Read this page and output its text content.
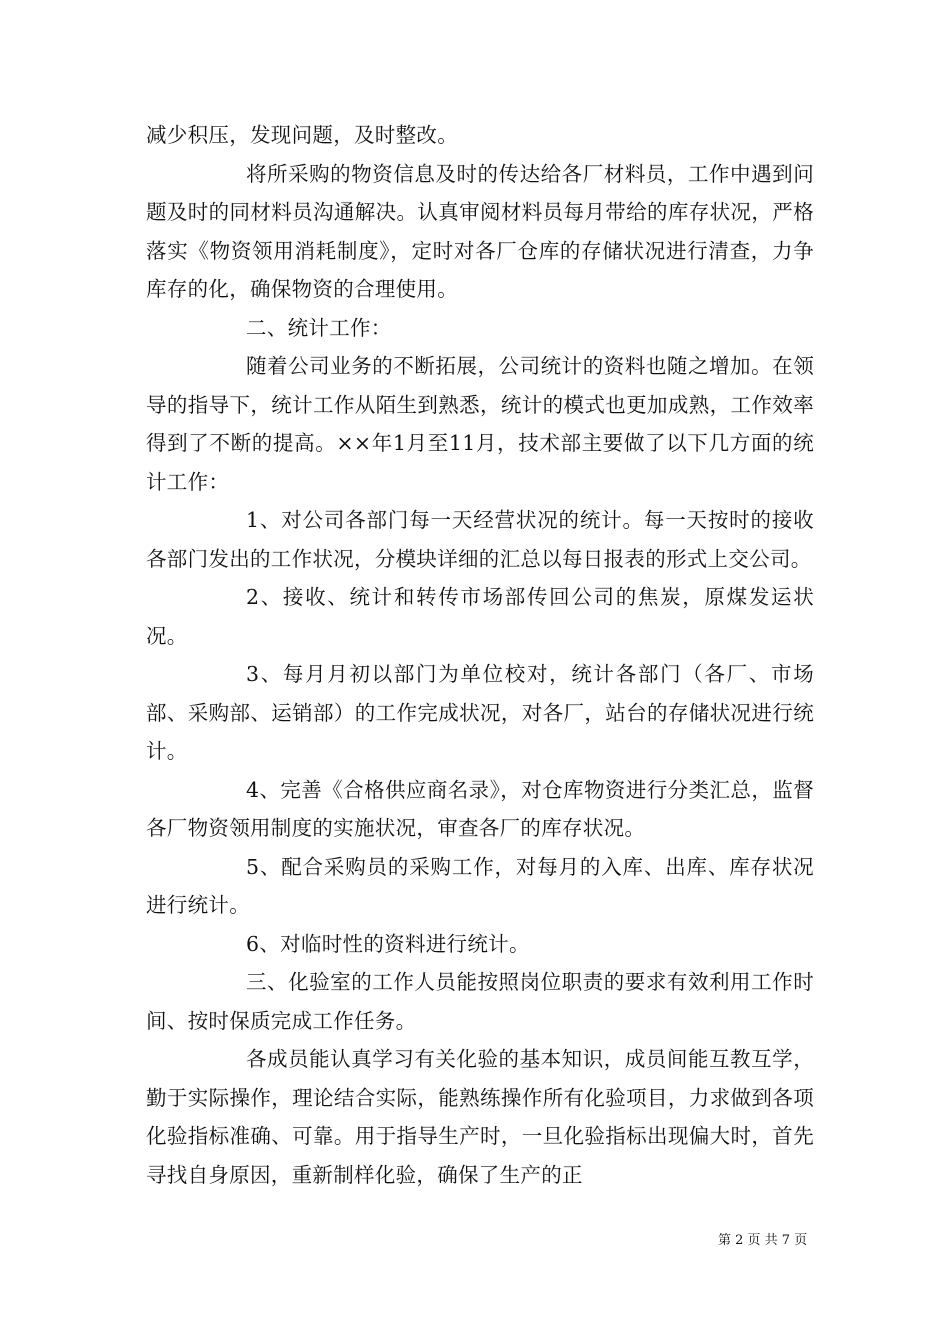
减少积压，发现问题，及时整改。

将所采购的物资信息及时的传达给各厂材料员，工作中遇到问题及时的同材料员沟通解决。认真审阅材料员每月带给的库存状况，严格落实《物资领用消耗制度》，定时对各厂仓库的存储状况进行清查，力争库存的化，确保物资的合理使用。

二、统计工作：

随着公司业务的不断拓展，公司统计的资料也随之增加。在领导的指导下，统计工作从陌生到熟悉，统计的模式也更加成熟，工作效率得到了不断的提高。××年1月至11月，技术部主要做了以下几方面的统计工作：

1、对公司各部门每一天经营状况的统计。每一天按时的接收各部门发出的工作状况，分模块详细的汇总以每日报表的形式上交公司。

2、接收、统计和转传市场部传回公司的焦炭，原煤发运状况。

3、每月月初以部门为单位校对，统计各部门（各厂、市场部、采购部、运销部）的工作完成状况，对各厂，站台的存储状况进行统计。

4、完善《合格供应商名录》，对仓库物资进行分类汇总，监督各厂物资领用制度的实施状况，审查各厂的库存状况。

5、配合采购员的采购工作，对每月的入库、出库、库存状况进行统计。

6、对临时性的资料进行统计。

三、化验室的工作人员能按照岗位职责的要求有效利用工作时间、按时保质完成工作任务。

各成员能认真学习有关化验的基本知识，成员间能互教互学，勤于实际操作，理论结合实际，能熟练操作所有化验项目，力求做到各项化验指标准确、可靠。用于指导生产时，一旦化验指标出现偏大时，首先寻找自身原因，重新制样化验，确保了生产的正

第 2 页 共 7 页
